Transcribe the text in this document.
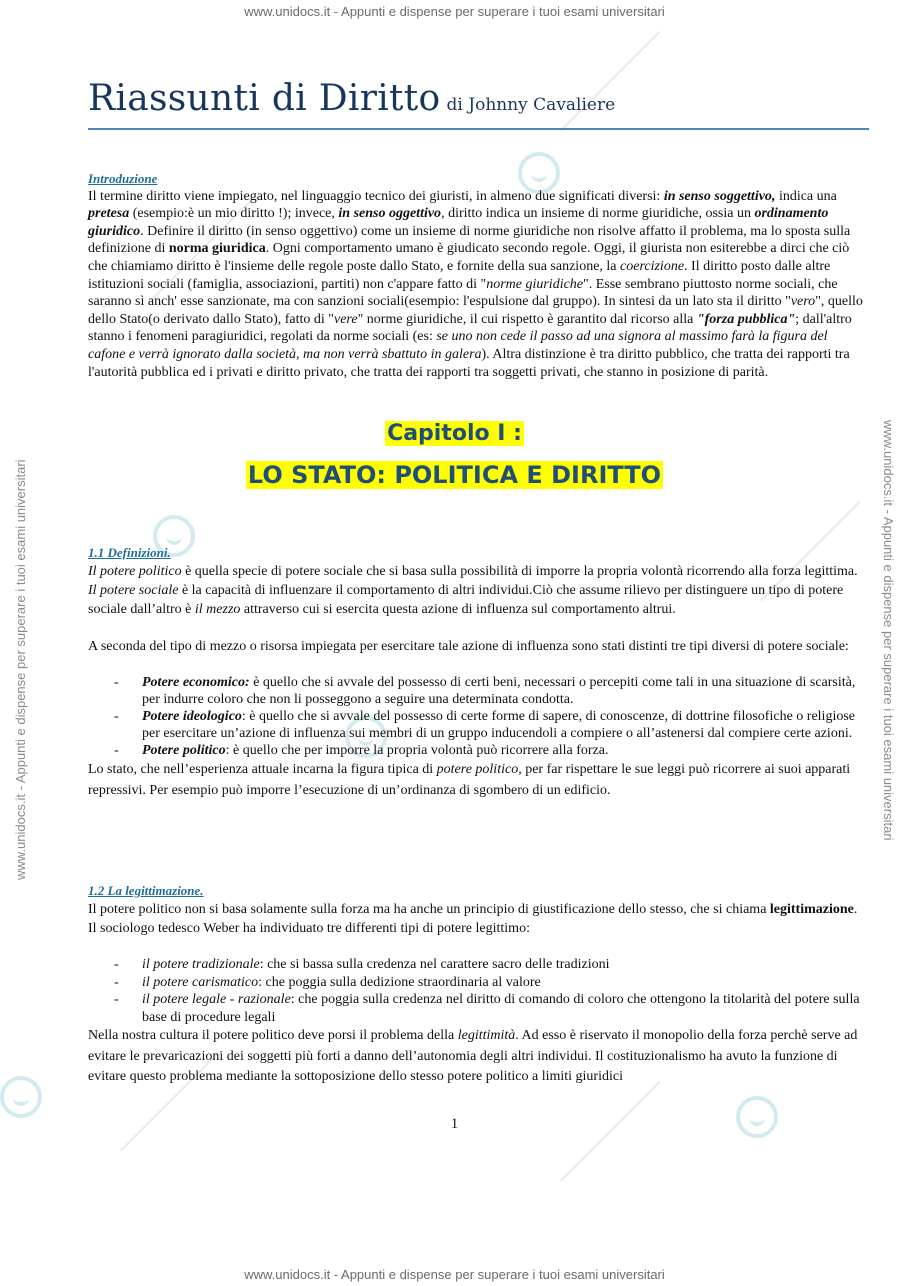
www.unidocs.it - Appunti e dispense per superare i tuoi esami universitari
www.unidocs.it - Appunti e dispense per superare i tuoi esami universitari
www.unidocs.it - Appunti e dispense per superare i tuoi esami universitari	www.unidocs.it - Appunti e dispense per superare i tuoi esami universitari
Riassunti di Diritto di Johnny Cavaliere
Introduzione

Il termine diritto viene impiegato, nel linguaggio tecnico dei giuristi, in almeno due significati diversi: in senso soggettivo, indica una pretesa (esempio:è un mio diritto !); invece, in senso oggettivo, diritto indica un insieme di norme giuridiche, ossia un ordinamento giuridico. Definire il diritto (in senso oggettivo) come un insieme di norme giuridiche non risolve affatto il problema, ma lo sposta sulla definizione di norma giuridica. Ogni comportamento umano è giudicato secondo regole. Oggi, il giurista non esiterebbe a dirci che ciò che chiamiamo diritto è l'insieme delle regole poste dallo Stato, e fornite della sua sanzione, la coercizione. Il diritto posto dalle altre istituzioni sociali (famiglia, associazioni, partiti) non c'appare fatto di "norme giuridiche". Esse sembrano piuttosto norme sociali, che saranno sì anch' esse sanzionate, ma con sanzioni sociali(esempio: l'espulsione dal gruppo). In sintesi da un lato sta il diritto "vero", quello dello Stato(o derivato dallo Stato), fatto di "vere" norme giuridiche, il cui rispetto è garantito dal ricorso alla "forza pubblica"; dall'altro stanno i fenomeni paragiuridici, regolati da norme sociali (es: se uno non cede il passo ad una signora al massimo farà la figura del cafone e verrà ignorato dalla società, ma non verrà sbattuto in galera). Altra distinzione è tra diritto pubblico, che tratta dei rapporti tra l'autorità pubblica ed i privati e diritto privato, che tratta dei rapporti tra soggetti privati, che stanno in posizione di parità.

Capitolo I :
LO STATO: POLITICA E DIRITTO
1.1 Definizioni.

Il potere politico è quella specie di potere sociale che si basa sulla possibilità di imporre la propria volontà ricorrendo alla forza legittima.

Il potere sociale è la capacità di influenzare il comportamento di altri individui.Ciò che assume rilievo per distinguere un tipo di potere sociale dall’altro è il mezzo attraverso cui si esercita questa azione di influenza sul comportamento altrui.

A seconda del tipo di mezzo o risorsa impiegata per esercitare tale azione di influenza sono stati distinti tre tipi diversi di potere sociale:

- Potere economico: è quello che si avvale del possesso di certi beni, necessari o percepiti come tali in una situazione di scarsità, per indurre coloro che non li posseggono a seguire una determinata condotta.
- Potere ideologico: è quello che si avvale del possesso di certe forme di sapere, di conoscenze, di dottrine filosofiche o religiose per esercitare un’azione di influenza sui membri di un gruppo inducendoli a compiere o all’astenersi dal compiere certe azioni.
- Potere politico: è quello che per imporre la propria volontà può ricorrere alla forza.

Lo stato, che nell’esperienza attuale incarna la figura tipica di potere politico, per far rispettare le sue leggi può ricorrere ai suoi apparati repressivi. Per esempio può imporre l’esecuzione di un’ordinanza di sgombero di un edificio.

1.2 La legittimazione.

Il potere politico non si basa solamente sulla forza ma ha anche un principio di giustificazione dello stesso, che si chiama legittimazione.

Il sociologo tedesco Weber ha individuato tre differenti tipi di potere legittimo:

- il potere tradizionale: che si bassa sulla credenza nel carattere sacro delle tradizioni
- il potere carismatico: che poggia sulla dedizione straordinaria al valore
- il potere legale - razionale: che poggia sulla credenza nel diritto di comando di coloro che ottengono la titolarità del potere sulla base di procedure legali

Nella nostra cultura il potere politico deve porsi il problema della legittimità. Ad esso è riservato il monopolio della forza perchè serve ad evitare le prevaricazioni dei soggetti più forti a danno dell’autonomia degli altri individui. Il costituzionalismo ha avuto la funzione di evitare questo problema mediante la sottoposizione dello stesso potere politico a limiti giuridici

1
